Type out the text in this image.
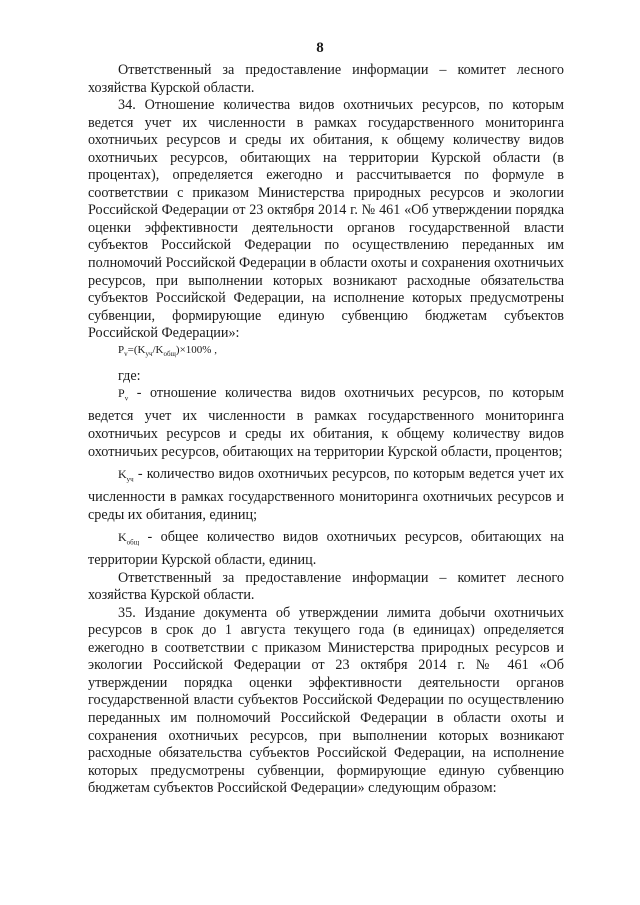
8

Ответственный за предоставление информации – комитет лесного хозяйства Курской области.

34. Отношение количества видов охотничьих ресурсов, по которым ведется учет их численности в рамках государственного мониторинга охотничьих ресурсов и среды их обитания, к общему количеству видов охотничьих ресурсов, обитающих на территории Курской области (в процентах), определяется ежегодно и рассчитывается по формуле в соответствии с приказом Министерства природных ресурсов и экологии Российской Федерации от 23 октября 2014 г. № 461 «Об утверждении порядка оценки эффективности деятельности органов государственной власти субъектов Российской Федерации по осуществлению переданных им полномочий Российской Федерации в области охоты и сохранения охотничьих ресурсов, при выполнении которых возникают расходные обязательства субъектов Российской Федерации, на исполнение которых предусмотрены субвенции, формирующие единую субвенцию бюджетам субъектов Российской Федерации»:

$P_v=(K_{уч}/K_{общ})\times 100\%$ ,

где:

$P_v$ - отношение количества видов охотничьих ресурсов, по которым ведется учет их численности в рамках государственного мониторинга охотничьих ресурсов и среды их обитания, к общему количеству видов охотничьих ресурсов, обитающих на территории Курской области, процентов;

$K_{уч}$ - количество видов охотничьих ресурсов, по которым ведется учет их численности в рамках государственного мониторинга охотничьих ресурсов и среды их обитания, единиц;

$K_{общ}$ - общее количество видов охотничьих ресурсов, обитающих на территории Курской области, единиц.

Ответственный за предоставление информации – комитет лесного хозяйства Курской области.

35. Издание документа об утверждении лимита добычи охотничьих ресурсов в срок до 1 августа текущего года (в единицах) определяется ежегодно в соответствии с приказом Министерства природных ресурсов и экологии Российской Федерации от 23 октября 2014 г. № 461 «Об утверждении порядка оценки эффективности деятельности органов государственной власти субъектов Российской Федерации по осуществлению переданных им полномочий Российской Федерации в области охоты и сохранения охотничьих ресурсов, при выполнении которых возникают расходные обязательства субъектов Российской Федерации, на исполнение которых предусмотрены субвенции, формирующие единую субвенцию бюджетам субъектов Российской Федерации» следующим образом:
